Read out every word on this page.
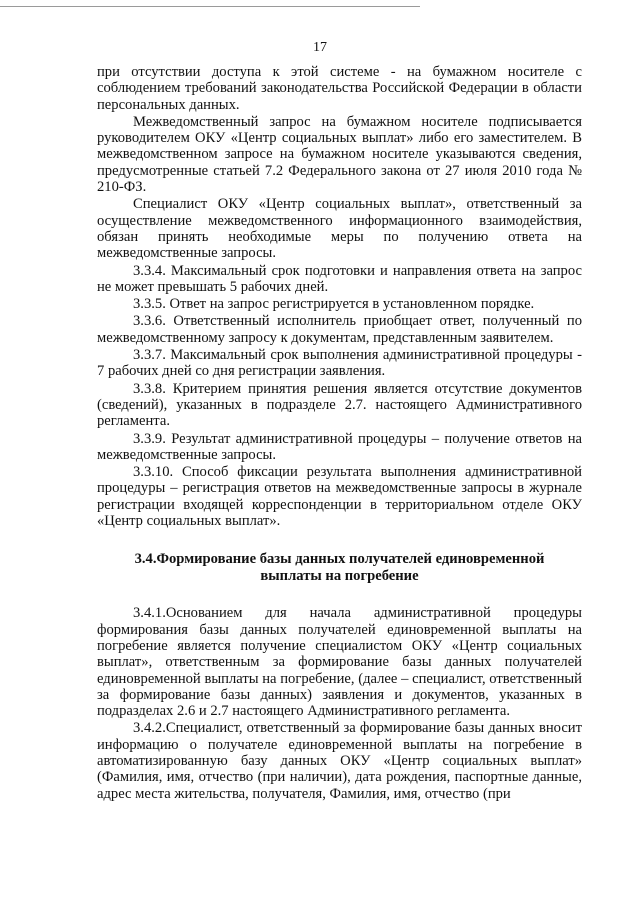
17

при отсутствии доступа к этой системе - на бумажном носителе с соблюдением требований законодательства Российской Федерации в области персональных данных.

Межведомственный запрос на бумажном носителе подписывается руководителем ОКУ «Центр социальных выплат» либо его заместителем. В межведомственном запросе на бумажном носителе указываются сведения, предусмотренные статьей 7.2 Федерального закона от 27 июля 2010 года № 210-ФЗ.

Специалист ОКУ «Центр социальных выплат», ответственный за осуществление межведомственного информационного взаимодействия, обязан принять необходимые меры по получению ответа на межведомственные запросы.

3.3.4. Максимальный срок подготовки и направления ответа на запрос не может превышать 5 рабочих дней.

3.3.5. Ответ на запрос регистрируется в установленном порядке.

3.3.6. Ответственный исполнитель приобщает ответ, полученный по межведомственному запросу к документам, представленным заявителем.

3.3.7. Максимальный срок выполнения административной процедуры - 7 рабочих дней со дня регистрации заявления.

3.3.8. Критерием принятия решения является отсутствие документов (сведений), указанных в подразделе 2.7. настоящего Административного регламента.

3.3.9. Результат административной процедуры – получение ответов на межведомственные запросы.

3.3.10. Способ фиксации результата выполнения административной процедуры – регистрация ответов на межведомственные запросы в журнале регистрации входящей корреспонденции в территориальном отделе ОКУ «Центр социальных выплат».

3.4.Формирование базы данных получателей единовременной
выплаты на погребение

3.4.1.Основанием для начала административной процедуры формирования базы данных получателей единовременной выплаты на погребение является получение специалистом ОКУ «Центр социальных выплат», ответственным за формирование базы данных получателей единовременной выплаты на погребение, (далее – специалист, ответственный за формирование базы данных) заявления и документов, указанных в подразделах 2.6 и 2.7 настоящего Административного регламента.

3.4.2.Специалист, ответственный за формирование базы данных вносит информацию о получателе единовременной выплаты на погребение в автоматизированную базу данных ОКУ «Центр социальных выплат» (Фамилия, имя, отчество (при наличии), дата рождения, паспортные данные, адрес места жительства, получателя, Фамилия, имя, отчество (при
